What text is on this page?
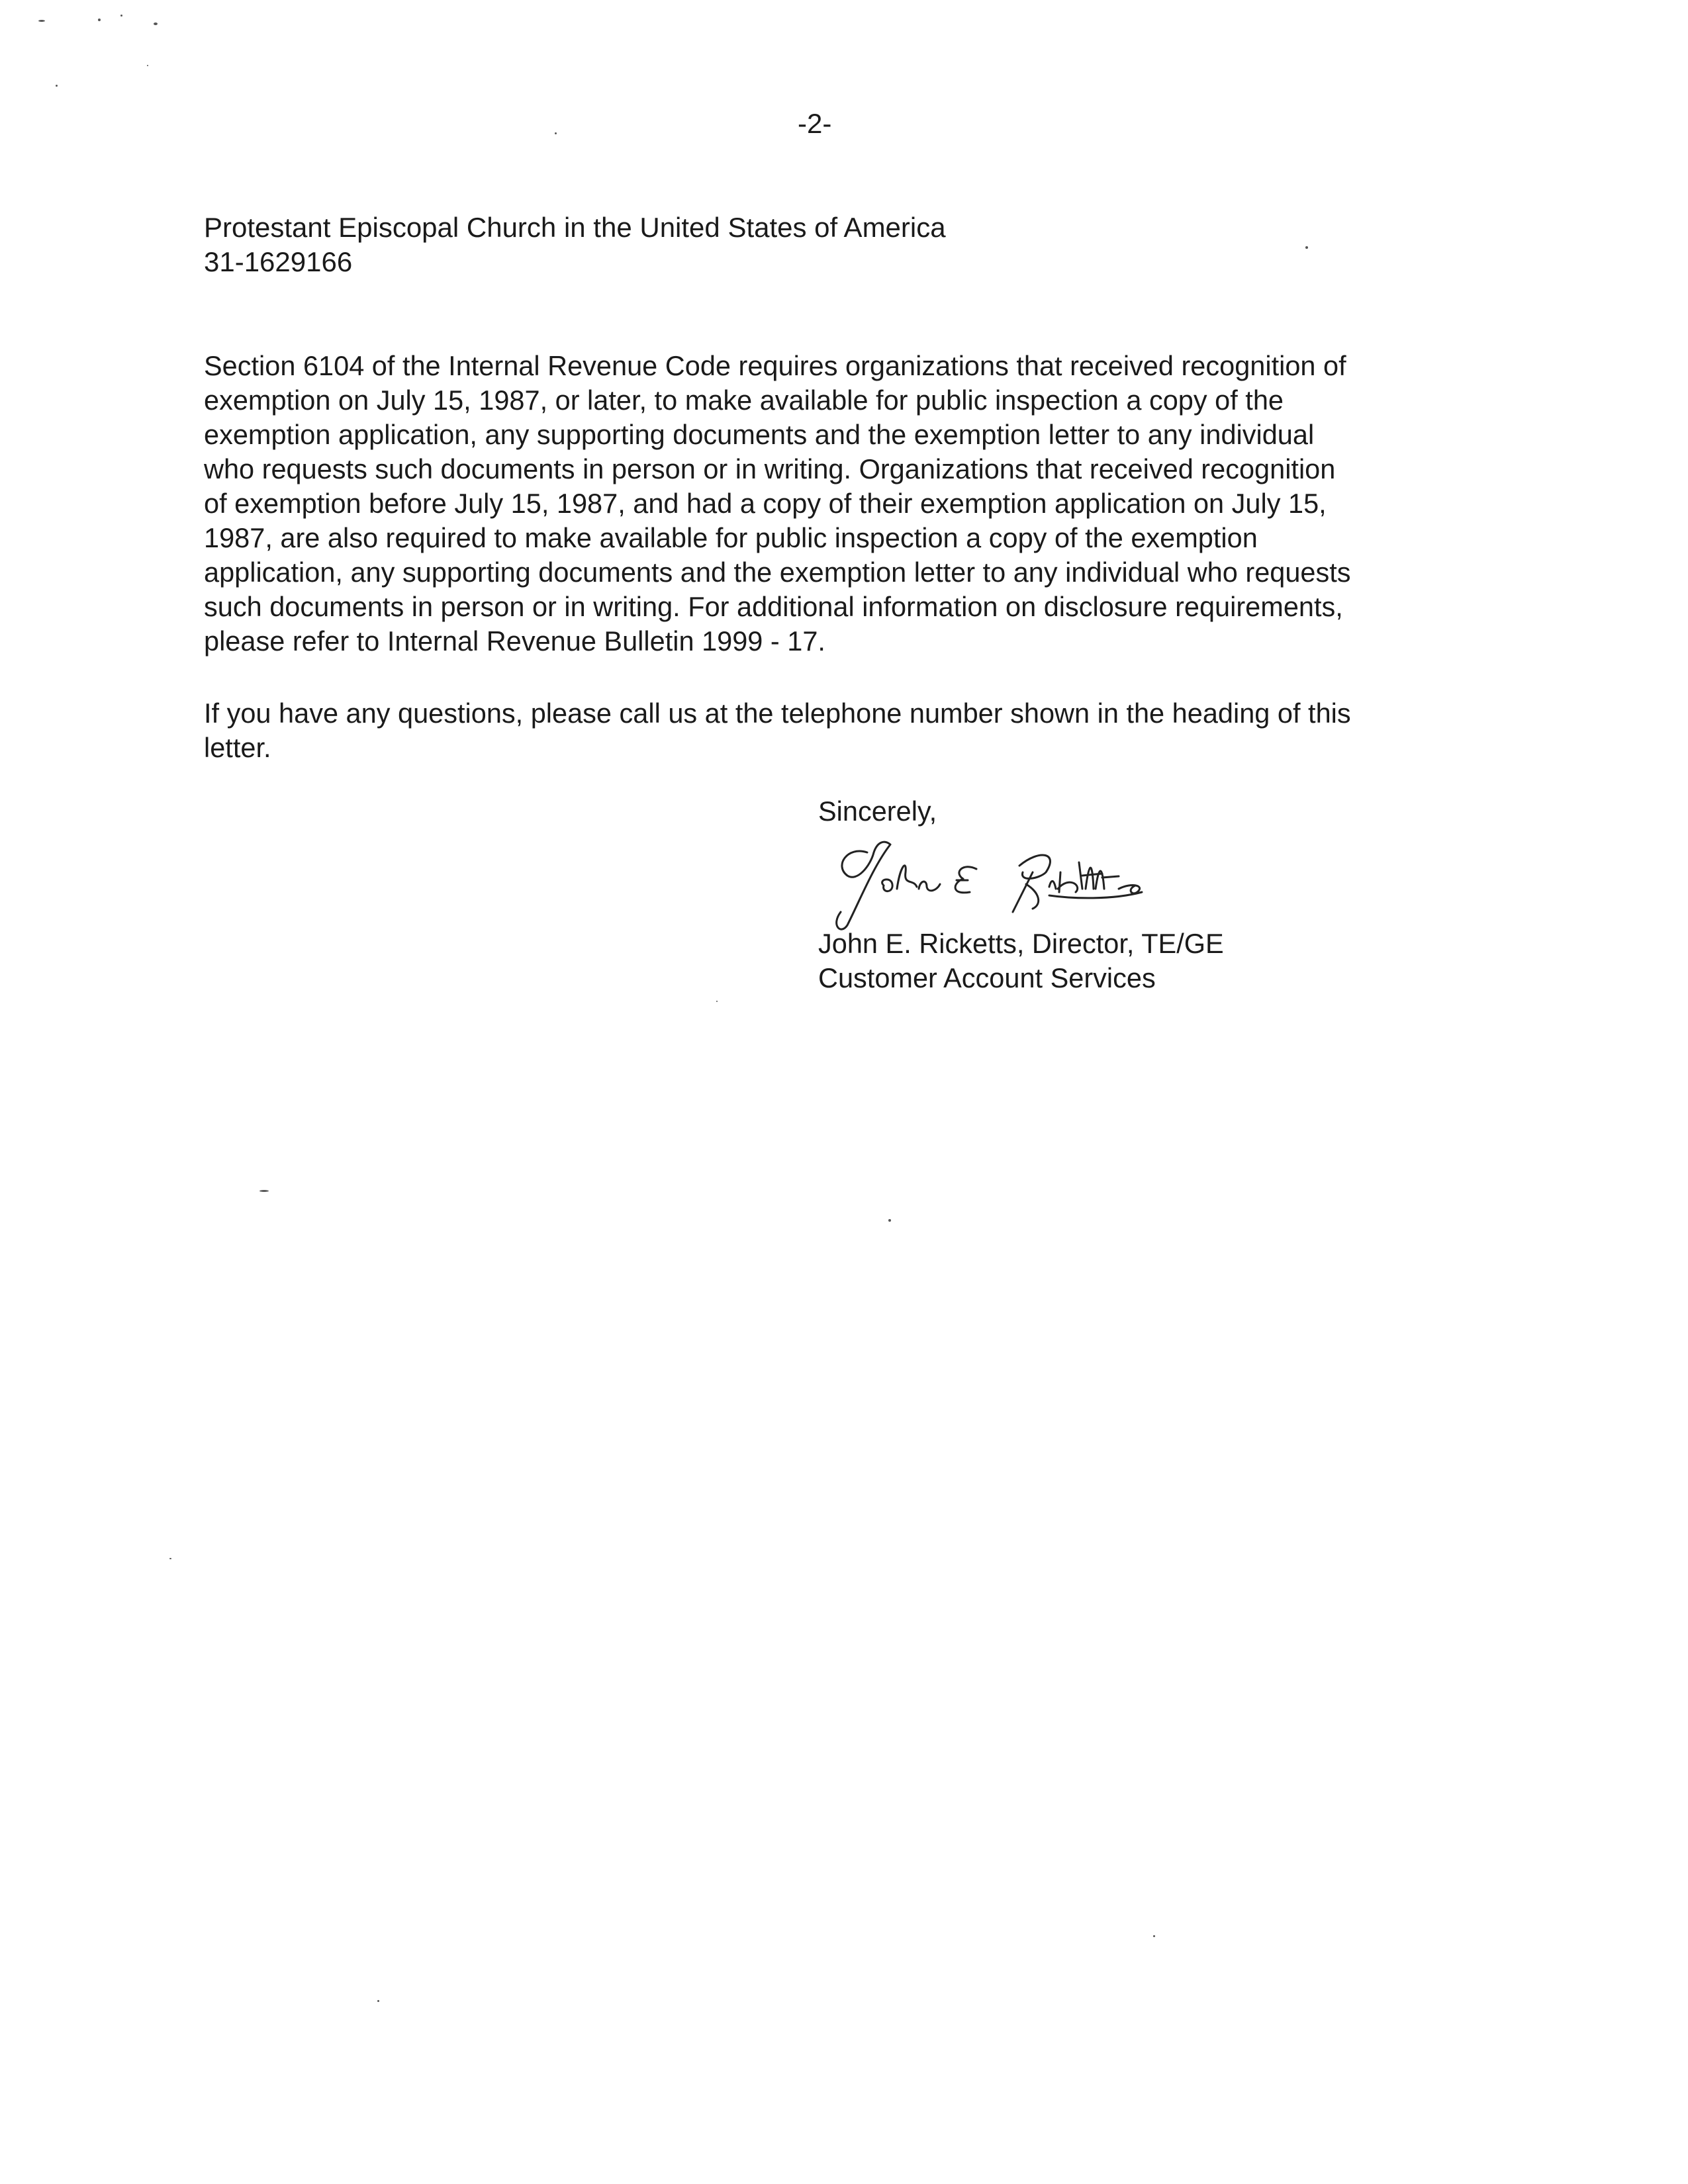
-2-
Protestant Episcopal Church in the United States of America
31-1629166
Section 6104 of the Internal Revenue Code requires organizations that received recognition of
exemption on July 15, 1987, or later, to make available for public inspection a copy of the
exemption application, any supporting documents and the exemption letter to any individual
who requests such documents in person or in writing. Organizations that received recognition
of exemption before July 15, 1987, and had a copy of their exemption application on July 15,
1987, are also required to make available for public inspection a copy of the exemption
application, any supporting documents and the exemption letter to any individual who requests
such documents in person or in writing. For additional information on disclosure requirements,
please refer to Internal Revenue Bulletin 1999 - 17.
If you have any questions, please call us at the telephone number shown in the heading of this
letter.
Sincerely,
John E. Ricketts, Director, TE/GE
Customer Account Services
